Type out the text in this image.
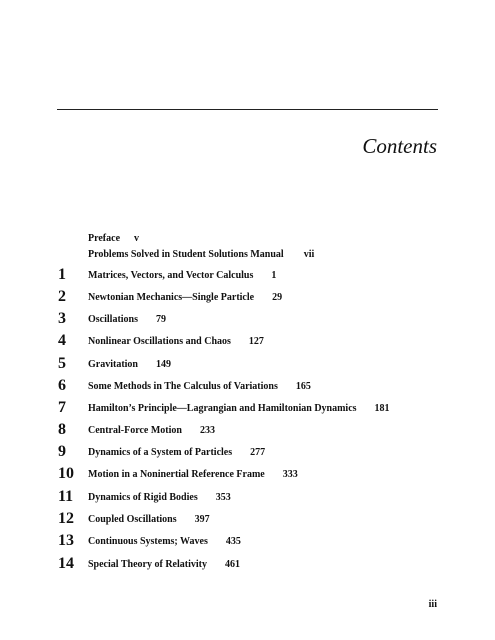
Contents
Preface v
Problems Solved in Student Solutions Manual vii
1 Matrices, Vectors, and Vector Calculus 1
2 Newtonian Mechanics—Single Particle 29
3 Oscillations 79
4 Nonlinear Oscillations and Chaos 127
5 Gravitation 149
6 Some Methods in The Calculus of Variations 165
7 Hamilton’s Principle—Lagrangian and Hamiltonian Dynamics 181
8 Central-Force Motion 233
9 Dynamics of a System of Particles 277
10 Motion in a Noninertial Reference Frame 333
11 Dynamics of Rigid Bodies 353
12 Coupled Oscillations 397
13 Continuous Systems; Waves 435
14 Special Theory of Relativity 461
iii
